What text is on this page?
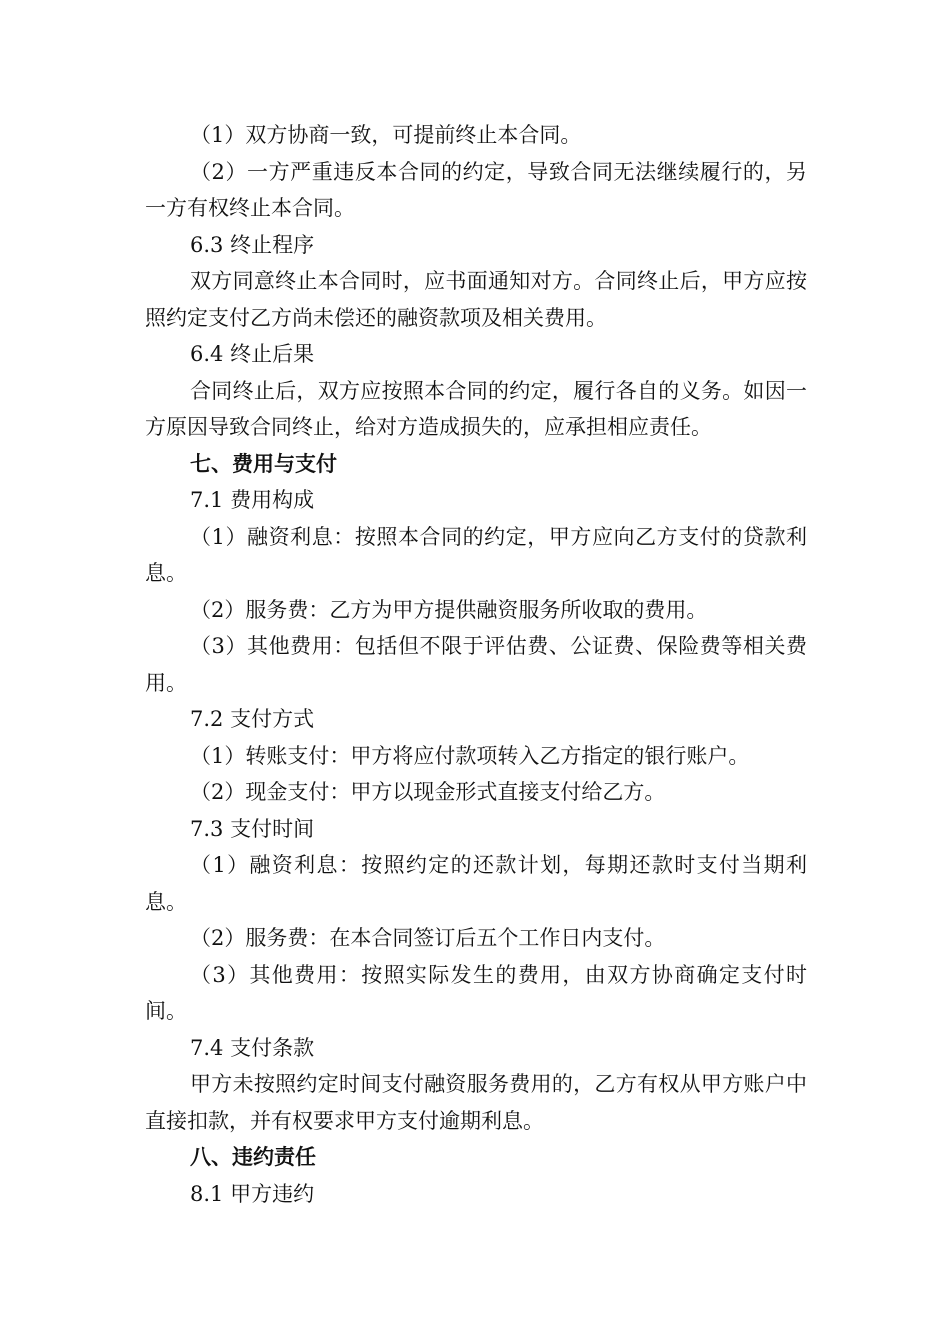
（1）双方协商一致，可提前终止本合同。

（2）一方严重违反本合同的约定，导致合同无法继续履行的，另一方有权终止本合同。

6.3 终止程序

双方同意终止本合同时，应书面通知对方。合同终止后，甲方应按照约定支付乙方尚未偿还的融资款项及相关费用。

6.4 终止后果

合同终止后，双方应按照本合同的约定，履行各自的义务。如因一方原因导致合同终止，给对方造成损失的，应承担相应责任。

七、费用与支付

7.1 费用构成

（1）融资利息：按照本合同的约定，甲方应向乙方支付的贷款利息。

（2）服务费：乙方为甲方提供融资服务所收取的费用。

（3）其他费用：包括但不限于评估费、公证费、保险费等相关费用。

7.2 支付方式

（1）转账支付：甲方将应付款项转入乙方指定的银行账户。

（2）现金支付：甲方以现金形式直接支付给乙方。

7.3 支付时间

（1）融资利息：按照约定的还款计划，每期还款时支付当期利息。

（2）服务费：在本合同签订后五个工作日内支付。

（3）其他费用：按照实际发生的费用，由双方协商确定支付时间。

7.4 支付条款

甲方未按照约定时间支付融资服务费用的，乙方有权从甲方账户中直接扣款，并有权要求甲方支付逾期利息。

八、违约责任

8.1 甲方违约
